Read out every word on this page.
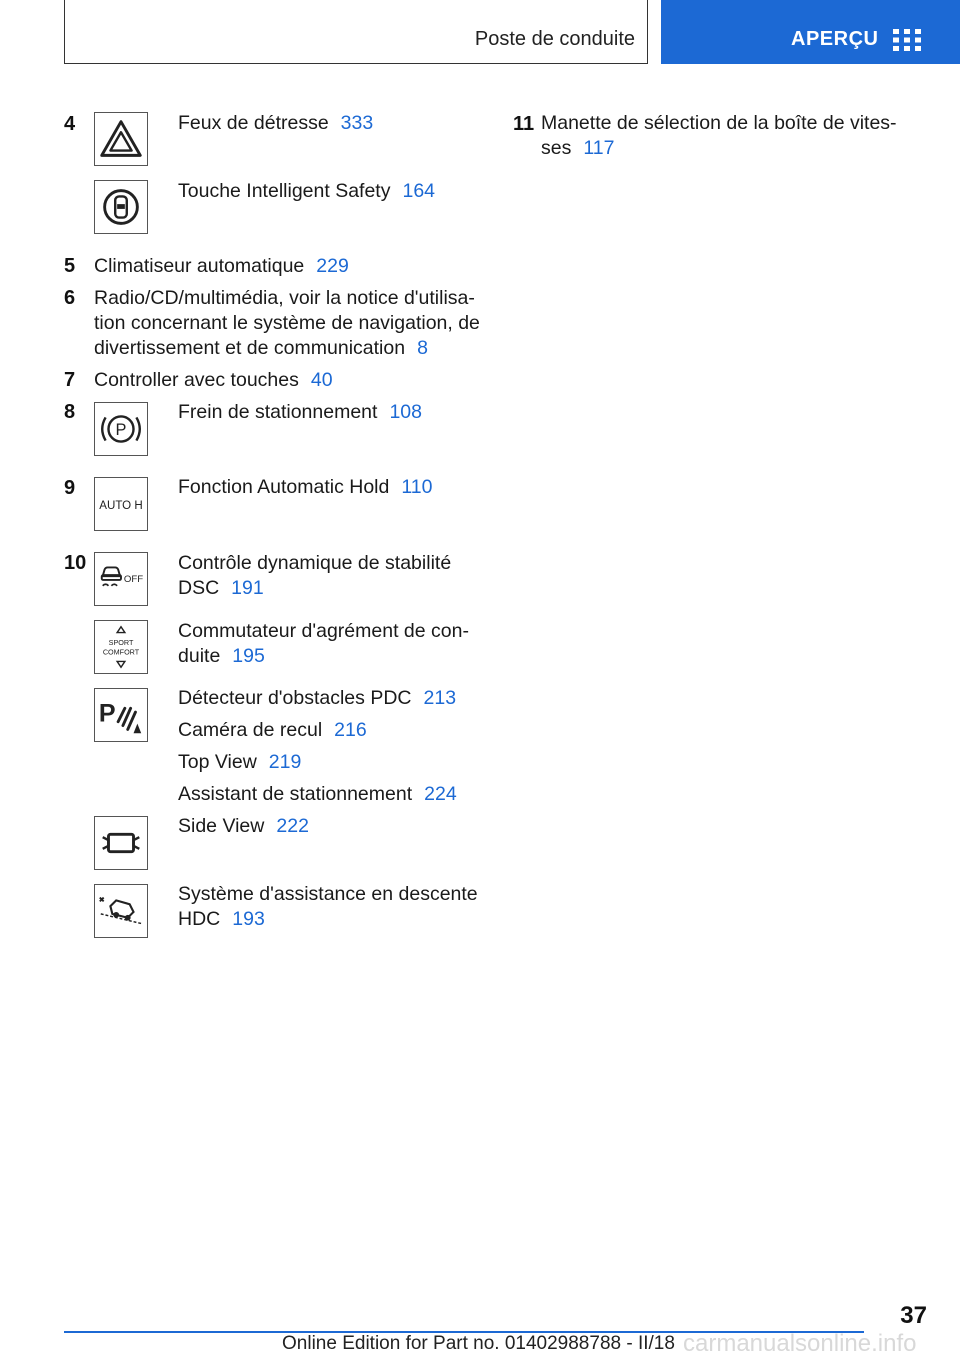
Poste de conduite	APERÇU
4	Feux de détresse 333
Touche Intelligent Safety 164
5 Climatiseur automatique 229
6 Radio/CD/multimédia, voir la notice d'utilisa-
tion concernant le système de navigation, de
divertissement et de communication 8
7 Controller avec touches 40
8
P
Frein de stationnement 108
9
AUTO H
Fonction Automatic Hold 110
10
OFF
Contrôle dynamique de stabilité
DSC 191
SPORT
COMFORT
Commutateur d'agrément de con-
duite 195
P
Détecteur d'obstacles PDC 213
Caméra de recul 216
Top View 219
Assistant de stationnement 224
Side View 222
Système d'assistance en descente
HDC 193
11 Manette de sélection de la boîte de vites-
ses 117
37
Online Edition for Part no. 01402988788 - II/18 carmanualsonline.info
